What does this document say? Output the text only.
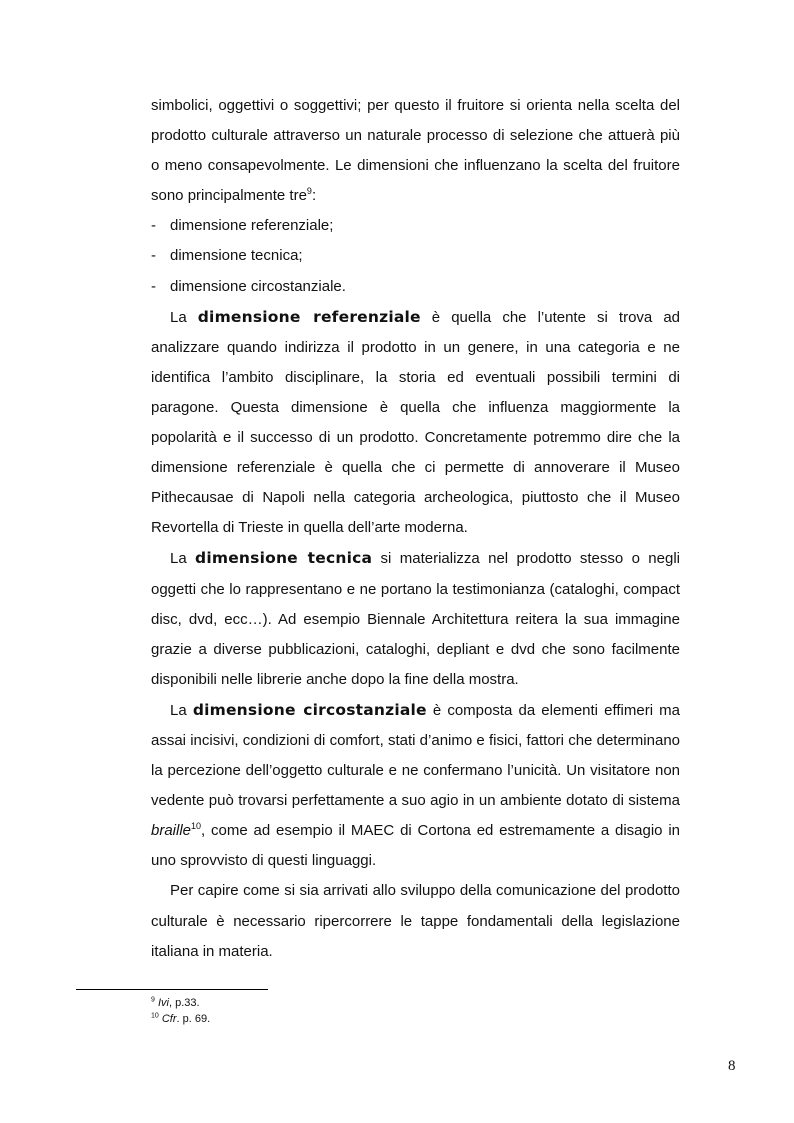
simbolici, oggettivi o soggettivi; per questo il fruitore si orienta nella scelta del prodotto culturale attraverso un naturale processo di selezione che attuerà più o meno consapevolmente. Le dimensioni che influenzano la scelta del fruitore sono principalmente tre$^9$:

- dimensione referenziale;
- dimensione tecnica;
- dimensione circostanziale.

La dimensione referenziale è quella che l’utente si trova ad analizzare quando indirizza il prodotto in un genere, in una categoria e ne identifica l’ambito disciplinare, la storia ed eventuali possibili termini di paragone. Questa dimensione è quella che influenza maggiormente la popolarità e il successo di un prodotto. Concretamente potremmo dire che la dimensione referenziale è quella che ci permette di annoverare il Museo Pithecausae di Napoli nella categoria archeologica, piuttosto che il Museo Revortella di Trieste in quella dell’arte moderna.

La dimensione tecnica si materializza nel prodotto stesso o negli oggetti che lo rappresentano e ne portano la testimonianza (cataloghi, compact disc, dvd, ecc…). Ad esempio Biennale Architettura reitera la sua immagine grazie a diverse pubblicazioni, cataloghi, depliant e dvd che sono facilmente disponibili nelle librerie anche dopo la fine della mostra.

La dimensione circostanziale è composta da elementi effimeri ma assai incisivi, condizioni di comfort, stati d’animo e fisici, fattori che determinano la percezione dell’oggetto culturale e ne confermano l’unicità. Un visitatore non vedente può trovarsi perfettamente a suo agio in un ambiente dotato di sistema braille$^{10}$, come ad esempio il MAEC di Cortona ed estremamente a disagio in uno sprovvisto di questi linguaggi.

Per capire come si sia arrivati allo sviluppo della comunicazione del prodotto culturale è necessario ripercorrere le tappe fondamentali della legislazione italiana in materia.

$^9$ Ivi, p.33.
$^{10}$ Cfr. p. 69.
8
